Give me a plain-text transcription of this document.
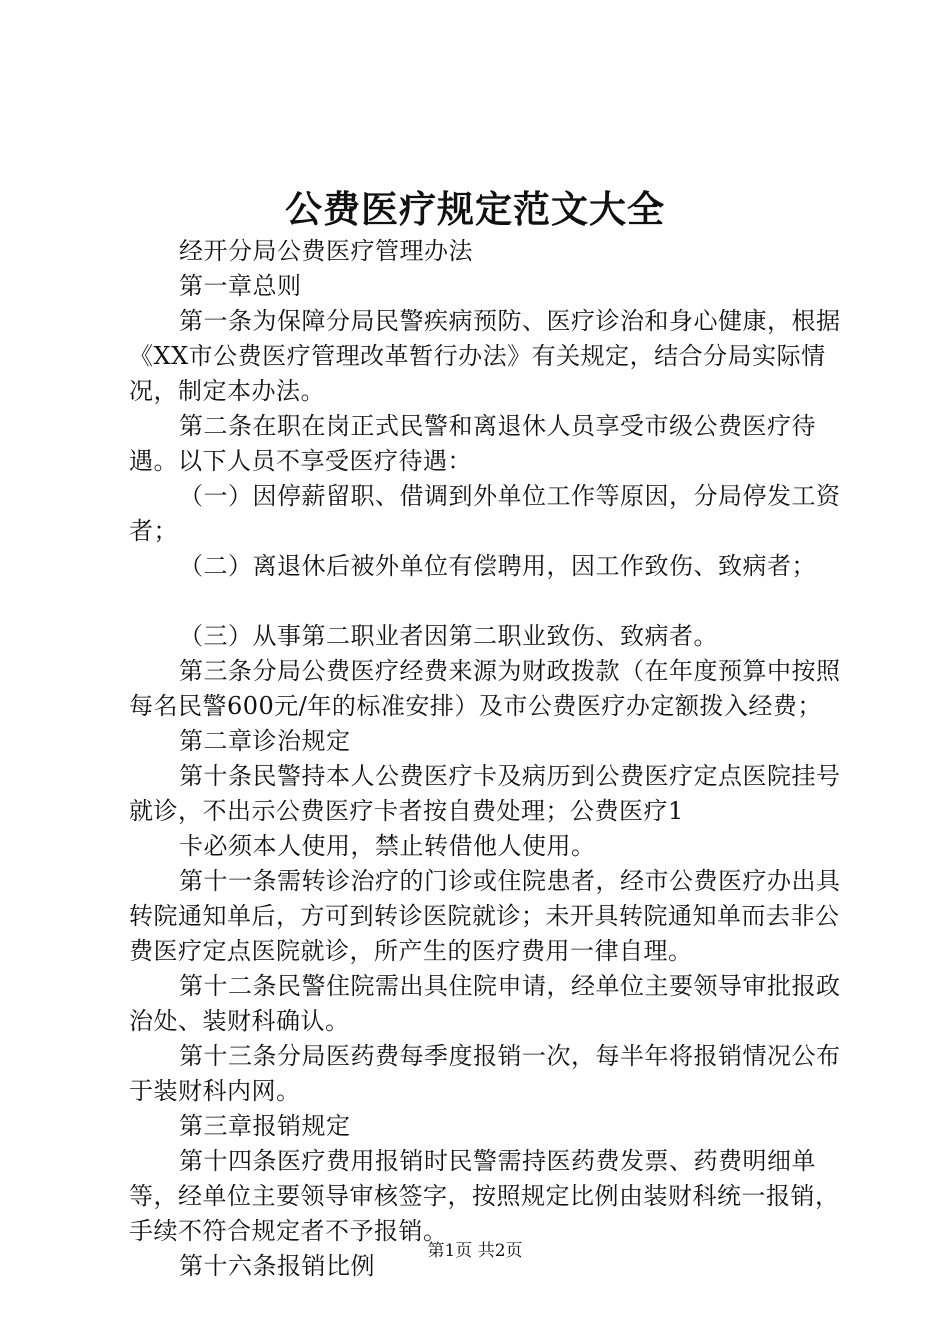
公费医疗规定范文大全

经开分局公费医疗管理办法

第一章总则

第一条为保障分局民警疾病预防、医疗诊治和身心健康，根据《XX市公费医疗管理改革暂行办法》有关规定，结合分局实际情况，制定本办法。

第二条在职在岗正式民警和离退休人员享受市级公费医疗待遇。以下人员不享受医疗待遇：

（一）因停薪留职、借调到外单位工作等原因，分局停发工资者；

（二）离退休后被外单位有偿聘用，因工作致伤、致病者；

（三）从事第二职业者因第二职业致伤、致病者。

第三条分局公费医疗经费来源为财政拨款（在年度预算中按照每名民警600元/年的标准安排）及市公费医疗办定额拨入经费；

第二章诊治规定

第十条民警持本人公费医疗卡及病历到公费医疗定点医院挂号就诊，不出示公费医疗卡者按自费处理；公费医疗1

卡必须本人使用，禁止转借他人使用。

第十一条需转诊治疗的门诊或住院患者，经市公费医疗办出具转院通知单后，方可到转诊医院就诊；未开具转院通知单而去非公费医疗定点医院就诊，所产生的医疗费用一律自理。

第十二条民警住院需出具住院申请，经单位主要领导审批报政治处、装财科确认。

第十三条分局医药费每季度报销一次，每半年将报销情况公布于装财科内网。

第三章报销规定

第十四条医疗费用报销时民警需持医药费发票、药费明细单等，经单位主要领导审核签字，按照规定比例由装财科统一报销，手续不符合规定者不予报销。

第十六条报销比例

第1页 共2页
